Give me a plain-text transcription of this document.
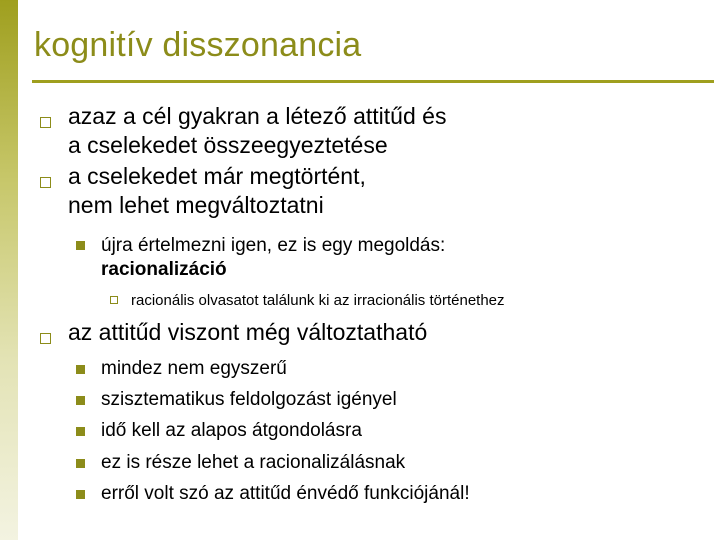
kognitív disszonancia
azaz a cél gyakran a létező attitűd és
a cselekedet összeegyeztetése
a cselekedet már megtörtént,
nem lehet megváltoztatni
újra értelmezni igen, ez is egy megoldás:
racionalizáció
racionális olvasatot találunk ki az irracionális történethez
az attitűd viszont még változtatható
mindez nem egyszerű
szisztematikus feldolgozást igényel
idő kell az alapos átgondolásra
ez is része lehet a racionalizálásnak
erről volt szó az attitűd énvédő funkciójánál!
